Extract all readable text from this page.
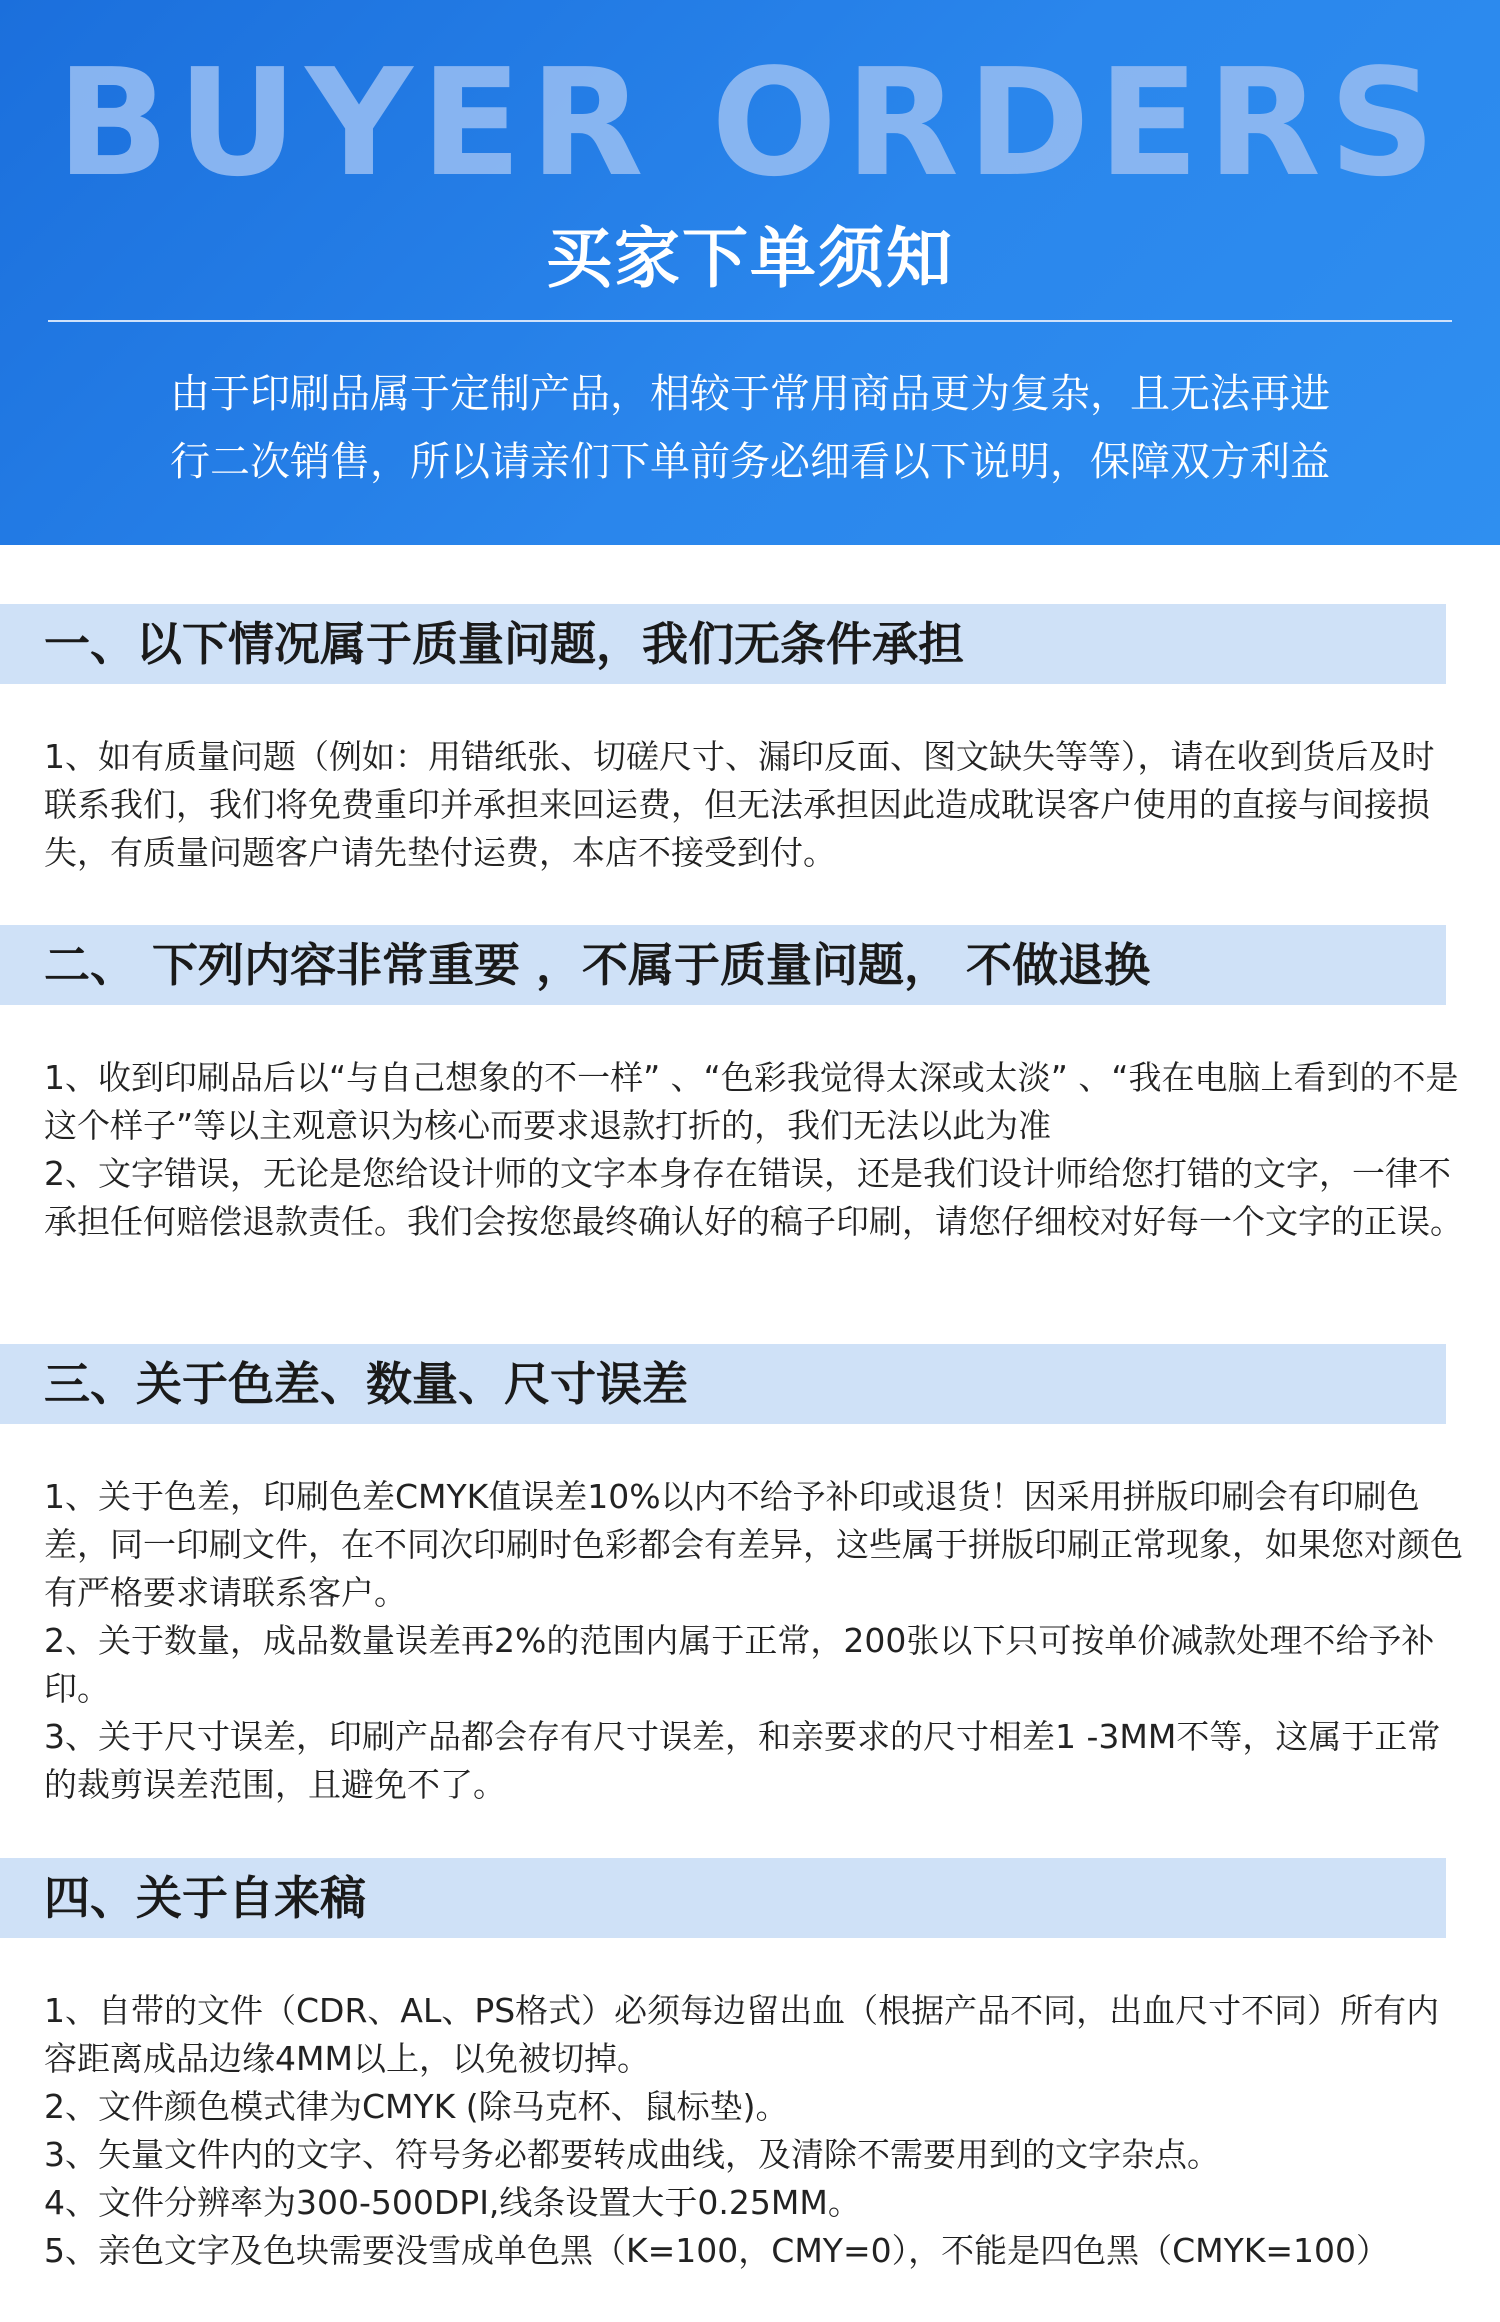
BUYER ORDERS
买家下单须知
由于印刷品属于定制产品，相较于常用商品更为复杂，且无法再进
行二次销售，所以请亲们下单前务必细看以下说明，保障双方利益
一、以下情况属于质量问题，我们无条件承担

1、如有质量问题（例如：用错纸张、切磋尺寸、漏印反面、图文缺失等等），请在收到货后及时联系我们，我们将免费重印并承担来回运费，但无法承担因此造成耽误客户使用的直接与间接损失，有质量问题客户请先垫付运费，本店不接受到付。

二、 下列内容非常重要 ，不属于质量问题， 不做退换

1、收到印刷品后以“与自己想象的不一样” 、“色彩我觉得太深或太淡” 、“我在电脑上看到的不是这个样子”等以主观意识为核心而要求退款打折的，我们无法以此为准

2、文字错误，无论是您给设计师的文字本身存在错误，还是我们设计师给您打错的文字，一律不承担任何赔偿退款责任。我们会按您最终确认好的稿子印刷，请您仔细校对好每一个文字的正误。

三、关于色差、数量、尺寸误差

1、关于色差，印刷色差CMYK值误差10%以内不给予补印或退货！因采用拼版印刷会有印刷色差，同一印刷文件，在不同次印刷时色彩都会有差异，这些属于拼版印刷正常现象，如果您对颜色有严格要求请联系客户。

2、关于数量，成品数量误差再2%的范围内属于正常，200张以下只可按单价减款处理不给予补印。

3、关于尺寸误差，印刷产品都会存有尺寸误差，和亲要求的尺寸相差1 -3MM不等，这属于正常的裁剪误差范围，且避免不了。

四、关于自来稿

1、自带的文件（CDR、AL、PS格式）必须每边留出血（根据产品不同，出血尺寸不同）所有内容距离成品边缘4MM以上，以免被切掉。

2、文件颜色模式律为CMYK (除马克杯、鼠标垫)。

3、矢量文件内的文字、符号务必都要转成曲线，及清除不需要用到的文字杂点。

4、文件分辨率为300-500DPI,线条设置大于0.25MM。

5、亲色文字及色块需要没雪成单色黑（K=100，CMY=0），不能是四色黑（CMYK=100）
